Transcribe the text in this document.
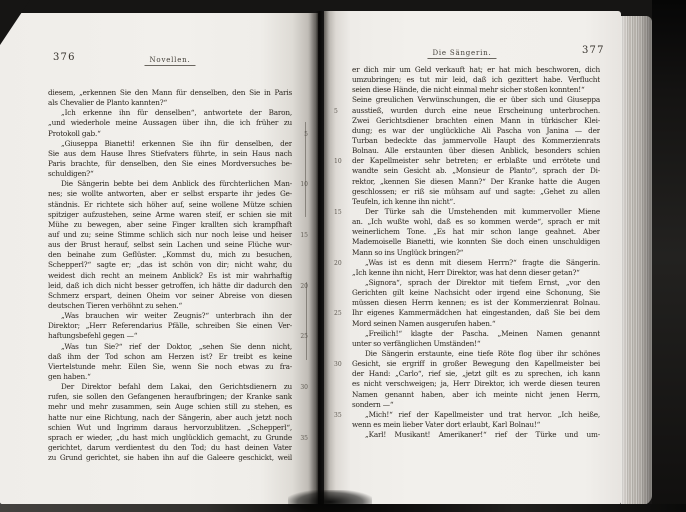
376	Novellen.
diesem, „erkennen Sie den Mann für denselben, den Sie in Paris
als Chevalier de Planto kannten?“
„Ich erkenne ihn für denselben“, antwortete der Baron,
„und wiederhole meine Aussagen über ihn, die ich früher zu
Protokoll gab.“	5
„Giuseppa Bianetti! erkennen Sie ihn für denselben, der
Sie aus dem Hause Ihres Stiefvaters führte, in sein Haus nach
Paris brachte, für denselben, den Sie eines Mordversuches be-
schuldigen?“
Die Sängerin bebte bei dem Anblick des fürchterlichen Man- 10
nes; sie wollte antworten, aber er selbst ersparte ihr jedes Ge-
ständnis. Er richtete sich höher auf, seine wollene Mütze schien
spitziger aufzustehen, seine Arme waren steif, er schien sie mit
Mühe zu bewegen, aber seine Finger krallten sich krampfhaft
auf und zu; seine Stimme schlich sich nur noch leise und heiser 15
aus der Brust herauf, selbst sein Lachen und seine Flüche wur-
den beinahe zum Geflüster. „Kommst du, mich zu besuchen,
Schepperl?“ sagte er; „das ist schön von dir; nicht wahr, du
weidest dich recht an meinem Anblick? Es ist mir wahrhaftig
leid, daß ich dich nicht besser getroffen, ich hätte dir dadurch den 20
Schmerz erspart, deinen Oheim vor seiner Abreise von diesen
deutschen Tieren verhöhnt zu sehen.“
„Was brauchen wir weiter Zeugnis?“ unterbrach ihn der
Direktor; „Herr Referendarius Pfälle, schreiben Sie einen Ver-
haftungsbefehl gegen —“	25
„Was tun Sie?“ rief der Doktor, „sehen Sie denn nicht,
daß ihm der Tod schon am Herzen ist? Er treibt es keine
Viertelstunde mehr. Eilen Sie, wenn Sie noch etwas zu fra-
gen haben.“
Der Direktor befahl dem Lakai, den Gerichtsdienern zu 30
rufen, sie sollen den Gefangenen heraufbringen; der Kranke sank
mehr und mehr zusammen, sein Auge schien still zu stehen, es
hatte nur eine Richtung, nach der Sängerin, aber auch jetzt noch
schien Wut und Ingrimm daraus hervorzublitzen. „Schepperl“,
sprach er wieder, „du hast mich unglücklich gemacht, zu Grunde 35
gerichtet, darum verdientest du den Tod; du hast deinen Vater
zu Grund gerichtet, sie haben ihn auf die Galeere geschickt, weil
Die Sängerin.	377
er dich mir um Geld verkauft hat; er hat mich beschworen, dich
umzubringen; es tut mir leid, daß ich gezittert habe. Verflucht
seien diese Hände, die nicht einmal mehr sicher stoßen konnten!“
Seine greulichen Verwünschungen, die er über sich und Giuseppa
ausstieß, wurden durch eine neue Erscheinung unterbrochen.
5
Zwei Gerichtsdiener brachten einen Mann in türkischer Klei-
dung; es war der unglückliche Ali Pascha von Janina — der
Turban bedeckte das jammervolle Haupt des Kommerzienrats
Bolnau. Alle erstaunten über diesen Anblick, besonders schien
der Kapellmeister sehr betreten; er erblaßte und errötete und
10
wandte sein Gesicht ab. „Monsieur de Planto“, sprach der Di-
rektor, „kennen Sie diesen Mann?“ Der Kranke hatte die Augen
geschlossen; er riß sie mühsam auf und sagte: „Gehet zu allen
Teufeln, ich kenne ihn nicht“.
Der Türke sah die Umstehenden mit kummervoller Miene
15
an. „Ich wußte wohl, daß es so kommen werde“, sprach er mit
weinerlichem Tone. „Es hat mir schon lange geahnet. Aber
Mademoiselle Bianetti, wie konnten Sie doch einen unschuldigen
Mann so ins Unglück bringen?“
„Was ist es denn mit diesem Herrn?“ fragte die Sängerin.
20
„Ich kenne ihn nicht, Herr Direktor, was hat denn dieser getan?“
„Signora“, sprach der Direktor mit tiefem Ernst, „vor den
Gerichten gilt keine Nachsicht oder irgend eine Schonung, Sie
müssen diesen Herrn kennen; es ist der Kommerzienrat Bolnau.
Ihr eigenes Kammermädchen hat eingestanden, daß Sie bei dem
25
Mord seinen Namen ausgerufen haben.“
„Freilich!“ klagte der Pascha. „Meinen Namen genannt
unter so verfänglichen Umständen!“
Die Sängerin erstaunte, eine tiefe Röte flog über ihr schönes
Gesicht, sie ergriff in großer Bewegung den Kapellmeister bei
30
der Hand: „Carlo“, rief sie, „jetzt gilt es zu sprechen, ich kann
es nicht verschweigen; ja, Herr Direktor, ich werde diesen teuren
Namen genannt haben, aber ich meinte nicht jenen Herrn,
sondern —“
„Mich!“ rief der Kapellmeister und trat hervor. „Ich heiße,
35
wenn es mein lieber Vater dort erlaubt, Karl Bolnau!“
„Karl! Musikant! Amerikaner!“ rief der Türke und um-
